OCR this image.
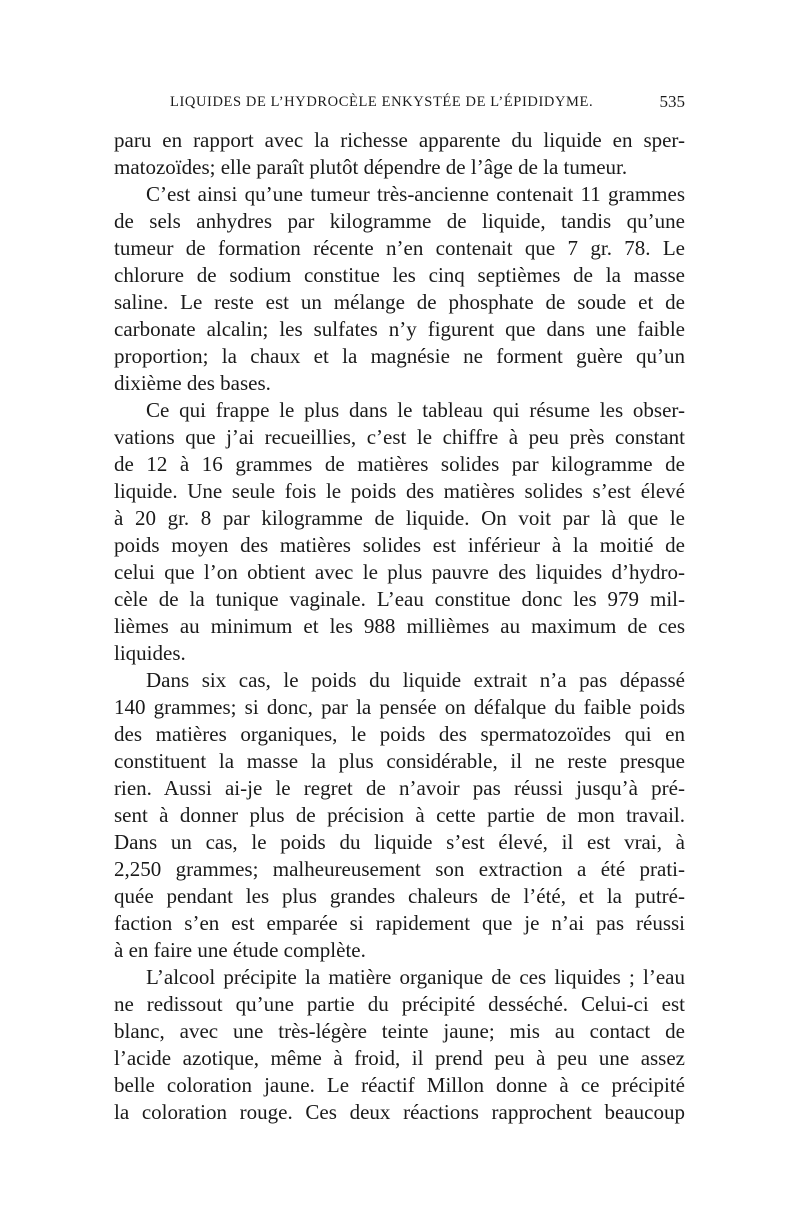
LIQUIDES DE L’HYDROCÈLE ENKYSTÉE DE L’ÉPIDIDYME.	535
paru en rapport avec la richesse apparente du liquide en sper-
matozoïdes; elle paraît plutôt dépendre de l’âge de la tumeur.
C’est ainsi qu’une tumeur très-ancienne contenait 11 grammes
de sels anhydres par kilogramme de liquide, tandis qu’une
tumeur de formation récente n’en contenait que 7 gr. 78. Le
chlorure de sodium constitue les cinq septièmes de la masse
saline. Le reste est un mélange de phosphate de soude et de
carbonate alcalin; les sulfates n’y figurent que dans une faible
proportion; la chaux et la magnésie ne forment guère qu’un
dixième des bases.
Ce qui frappe le plus dans le tableau qui résume les obser-
vations que j’ai recueillies, c’est le chiffre à peu près constant
de 12 à 16 grammes de matières solides par kilogramme de
liquide. Une seule fois le poids des matières solides s’est élevé
à 20 gr. 8 par kilogramme de liquide. On voit par là que le
poids moyen des matières solides est inférieur à la moitié de
celui que l’on obtient avec le plus pauvre des liquides d’hydro-
cèle de la tunique vaginale. L’eau constitue donc les 979 mil-
lièmes au minimum et les 988 millièmes au maximum de ces
liquides.
Dans six cas, le poids du liquide extrait n’a pas dépassé
140 grammes; si donc, par la pensée on défalque du faible poids
des matières organiques, le poids des spermatozoïdes qui en
constituent la masse la plus considérable, il ne reste presque
rien. Aussi ai-je le regret de n’avoir pas réussi jusqu’à pré-
sent à donner plus de précision à cette partie de mon travail.
Dans un cas, le poids du liquide s’est élevé, il est vrai, à
2,250 grammes; malheureusement son extraction a été prati-
quée pendant les plus grandes chaleurs de l’été, et la putré-
faction s’en est emparée si rapidement que je n’ai pas réussi
à en faire une étude complète.
L’alcool précipite la matière organique de ces liquides ; l’eau
ne redissout qu’une partie du précipité desséché. Celui-ci est
blanc, avec une très-légère teinte jaune; mis au contact de
l’acide azotique, même à froid, il prend peu à peu une assez
belle coloration jaune. Le réactif Millon donne à ce précipité
la coloration rouge. Ces deux réactions rapprochent beaucoup
